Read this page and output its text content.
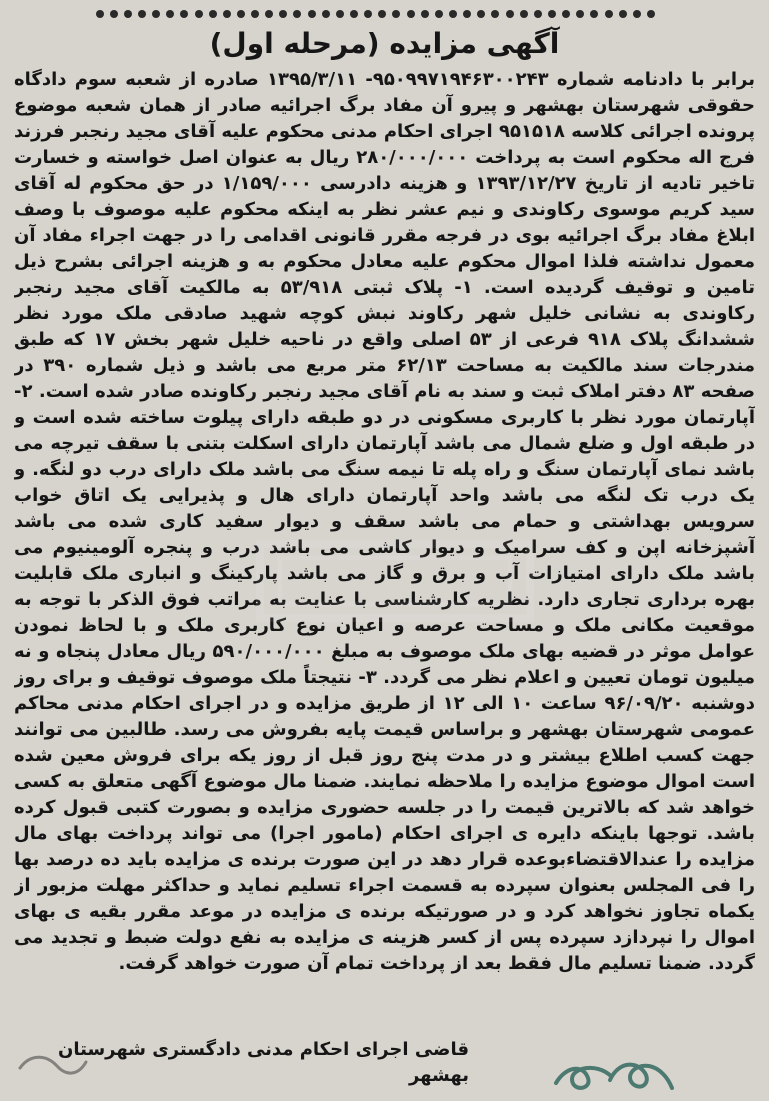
آگهی مزایده (مرحله اول)

برابر با دادنامه شماره ۹۵۰۹۹۷۱۹۴۶۳۰۰۲۴۳- ۱۳۹۵/۳/۱۱ صادره از شعبه سوم دادگاه حقوقی شهرستان بهشهر و پیرو آن مفاد برگ اجرائیه صادر از همان شعبه موضوع پرونده اجرائی کلاسه ۹۵۱۵۱۸ اجرای احکام مدنی محکوم علیه آقای مجید رنجبر فرزند فرج اله محکوم است به پرداخت ۲۸۰/۰۰۰/۰۰۰ ریال به عنوان اصل خواسته و خسارت تاخیر تادیه از تاریخ ۱۳۹۳/۱۲/۲۷ و هزینه دادرسی ۱/۱۵۹/۰۰۰ در حق محکوم له آقای سید کریم موسوی رکاوندی و نیم عشر نظر به اینکه محکوم علیه موصوف با وصف ابلاغ مفاد برگ اجرائیه بوی در فرجه مقرر قانونی اقدامی را در جهت اجراء مفاد آن معمول نداشته فلذا اموال محکوم علیه معادل محکوم به و هزینه اجرائی بشرح ذیل تامین و توقیف گردیده است. ۱- پلاک ثبتی ۵۳/۹۱۸ به مالکیت آقای مجید رنجبر رکاوندی به نشانی خلیل شهر رکاوند نبش کوچه شهید صادقی ملک مورد نظر ششدانگ پلاک ۹۱۸ فرعی از ۵۳ اصلی واقع در ناحیه خلیل شهر بخش ۱۷ که طبق مندرجات سند مالکیت به مساحت ۶۲/۱۳ متر مربع می باشد و ذیل شماره ۳۹۰ در صفحه ۸۳ دفتر املاک ثبت و سند به نام آقای مجید رنجبر رکاونده صادر شده است. ۲- آپارتمان مورد نظر با کاربری مسکونی در دو طبقه دارای پیلوت ساخته شده است و در طبقه اول و ضلع شمال می باشد آپارتمان دارای اسکلت بتنی با سقف تیرچه می باشد نمای آپارتمان سنگ و راه پله تا نیمه سنگ می باشد ملک دارای درب دو لنگه. و یک درب تک لنگه می باشد واحد آپارتمان دارای هال و پذیرایی یک اتاق خواب سرویس بهداشتی و حمام می باشد سقف و دیوار سفید کاری شده می باشد آشپزخانه اپن و کف سرامیک و دیوار کاشی می باشد درب و پنجره آلومینیوم می باشد ملک دارای امتیازات آب و برق و گاز می باشد پارکینگ و انباری ملک قابلیت بهره برداری تجاری دارد. نظریه کارشناسی با عنایت به مراتب فوق الذکر با توجه به موقعیت مکانی ملک و مساحت عرصه و اعیان نوع کاربری ملک و با لحاظ نمودن عوامل موثر در قضیه بهای ملک موصوف به مبلغ ۵۹۰/۰۰۰/۰۰۰ ریال معادل پنجاه و نه میلیون تومان تعیین و اعلام نظر می گردد. ۳- نتیجتاً ملک موصوف توقیف و برای روز دوشنبه ۹۶/۰۹/۲۰ ساعت ۱۰ الی ۱۲ از طریق مزایده و در اجرای احکام مدنی محاکم عمومی شهرستان بهشهر و براساس قیمت پایه بفروش می رسد. طالبین می توانند جهت کسب اطلاع بیشتر و در مدت پنج روز قبل از روز یکه برای فروش معین شده است اموال موضوع مزایده را ملاحظه نمایند. ضمنا مال موضوع آگهی متعلق به کسی خواهد شد که بالاترین قیمت را در جلسه حضوری مزایده و بصورت کتبی قبول کرده باشد. توجها باینکه دایره ی اجرای احکام (مامور اجرا) می تواند پرداخت بهای مال مزایده را عندالاقتضاءبوعده قرار دهد در این صورت برنده ی مزایده باید ده درصد بها را فی المجلس بعنوان سپرده به قسمت اجراء تسلیم نماید و حداکثر مهلت مزبور از یکماه تجاوز نخواهد کرد و در صورتیکه برنده ی مزایده در موعد مقرر بقیه ی بهای اموال را نپردازد سپرده پس از کسر هزینه ی مزایده به نفع دولت ضبط و تجدید می گردد. ضمنا تسلیم مال فقط بعد از پرداخت تمام آن صورت خواهد گرفت.

قاضی اجرای احکام مدنی دادگستری شهرستان بهشهر
